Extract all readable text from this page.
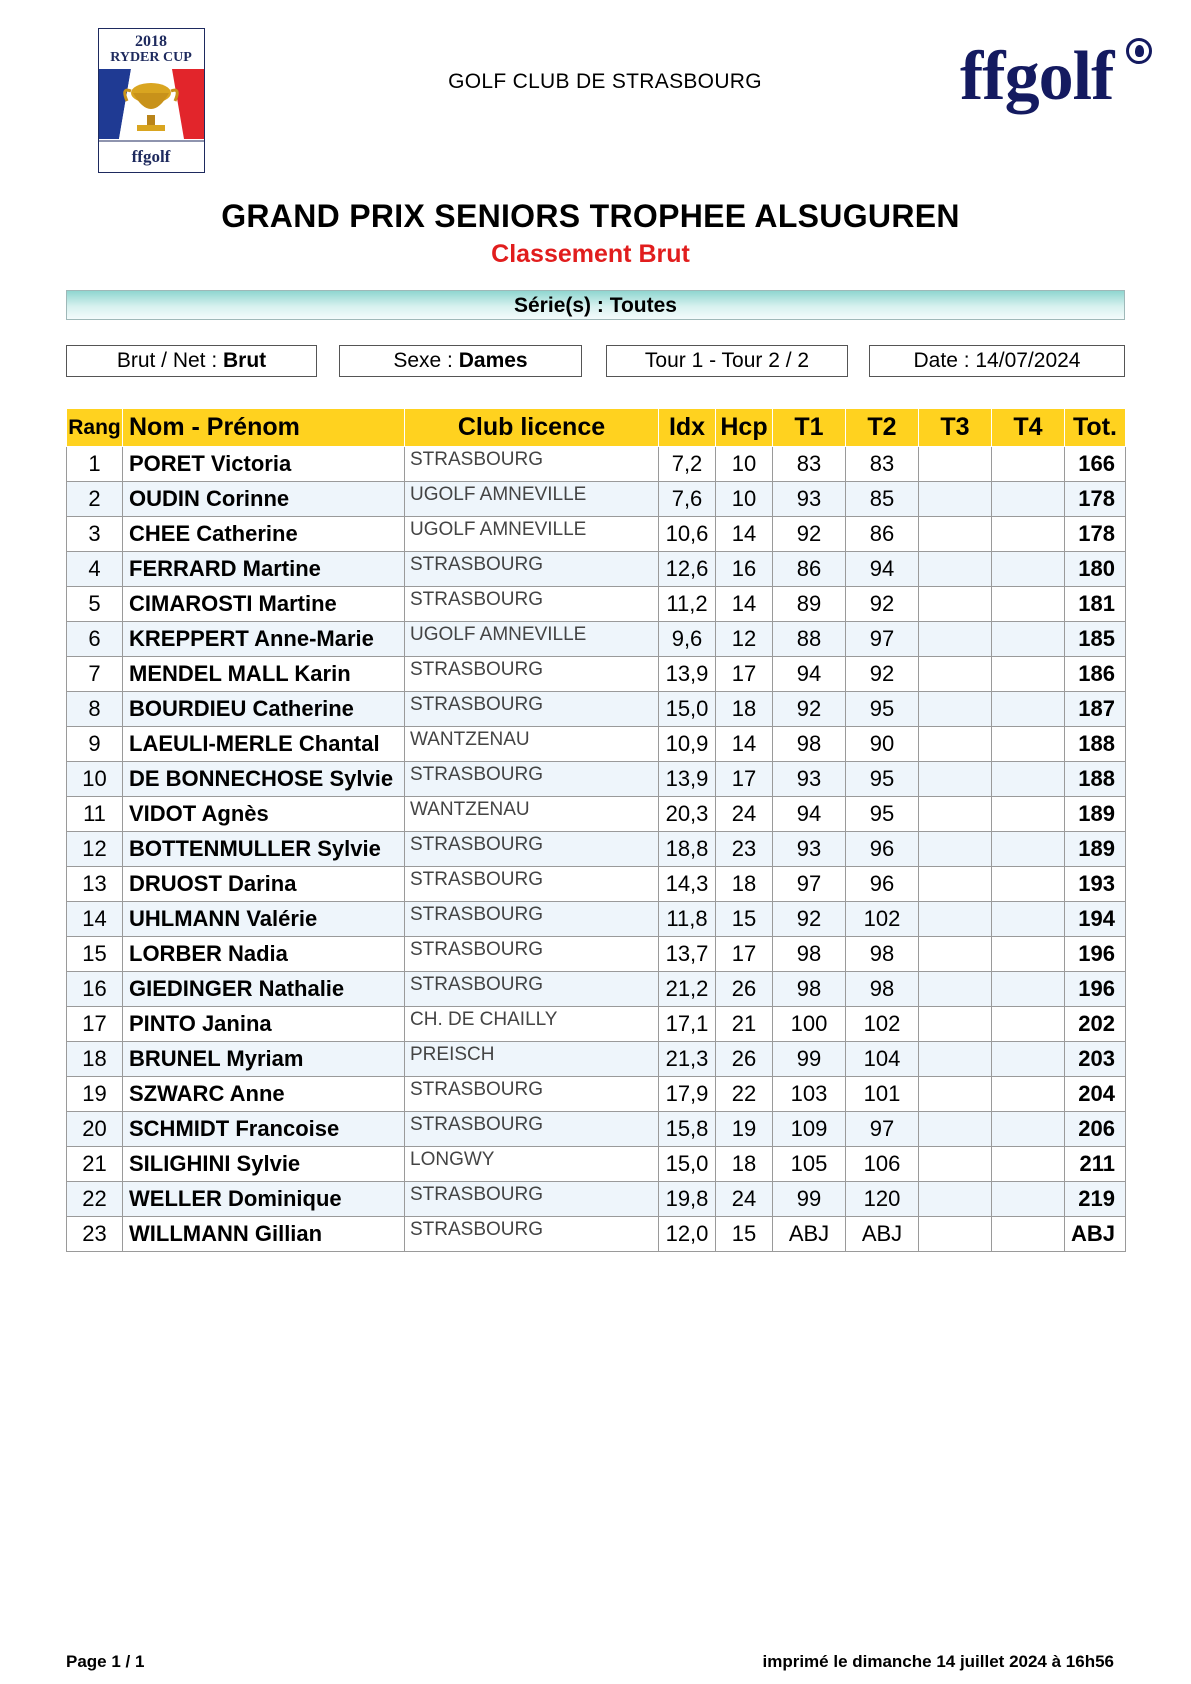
2018
RYDER CUP
ffgolf
GOLF CLUB DE STRASBOURG	ffgolf
GRAND PRIX SENIORS TROPHEE ALSUGUREN
Classement Brut
Série(s) : Toutes
Brut / Net : Brut	Sexe : Dames	Tour 1 - Tour 2 / 2	Date : 14/07/2024
Rang	Nom - Prénom	Club licence	Idx	Hcp	T1	T2	T3	T4	Tot.
1	PORET Victoria	STRASBOURG	7,2	10	83	83			166
2	OUDIN Corinne	UGOLF AMNEVILLE	7,6	10	93	85			178
3	CHEE Catherine	UGOLF AMNEVILLE	10,6	14	92	86			178
4	FERRARD Martine	STRASBOURG	12,6	16	86	94			180
5	CIMAROSTI Martine	STRASBOURG	11,2	14	89	92			181
6	KREPPERT Anne-Marie	UGOLF AMNEVILLE	9,6	12	88	97			185
7	MENDEL MALL Karin	STRASBOURG	13,9	17	94	92			186
8	BOURDIEU Catherine	STRASBOURG	15,0	18	92	95			187
9	LAEULI-MERLE Chantal	WANTZENAU	10,9	14	98	90			188
10	DE BONNECHOSE Sylvie	STRASBOURG	13,9	17	93	95			188
11	VIDOT Agnès	WANTZENAU	20,3	24	94	95			189
12	BOTTENMULLER Sylvie	STRASBOURG	18,8	23	93	96			189
13	DRUOST Darina	STRASBOURG	14,3	18	97	96			193
14	UHLMANN Valérie	STRASBOURG	11,8	15	92	102			194
15	LORBER Nadia	STRASBOURG	13,7	17	98	98			196
16	GIEDINGER Nathalie	STRASBOURG	21,2	26	98	98			196
17	PINTO Janina	CH. DE CHAILLY	17,1	21	100	102			202
18	BRUNEL Myriam	PREISCH	21,3	26	99	104			203
19	SZWARC Anne	STRASBOURG	17,9	22	103	101			204
20	SCHMIDT Francoise	STRASBOURG	15,8	19	109	97			206
21	SILIGHINI Sylvie	LONGWY	15,0	18	105	106			211
22	WELLER Dominique	STRASBOURG	19,8	24	99	120			219
23	WILLMANN Gillian	STRASBOURG	12,0	15	ABJ	ABJ			ABJ
Page 1 / 1	imprimé le dimanche 14 juillet 2024 à 16h56
